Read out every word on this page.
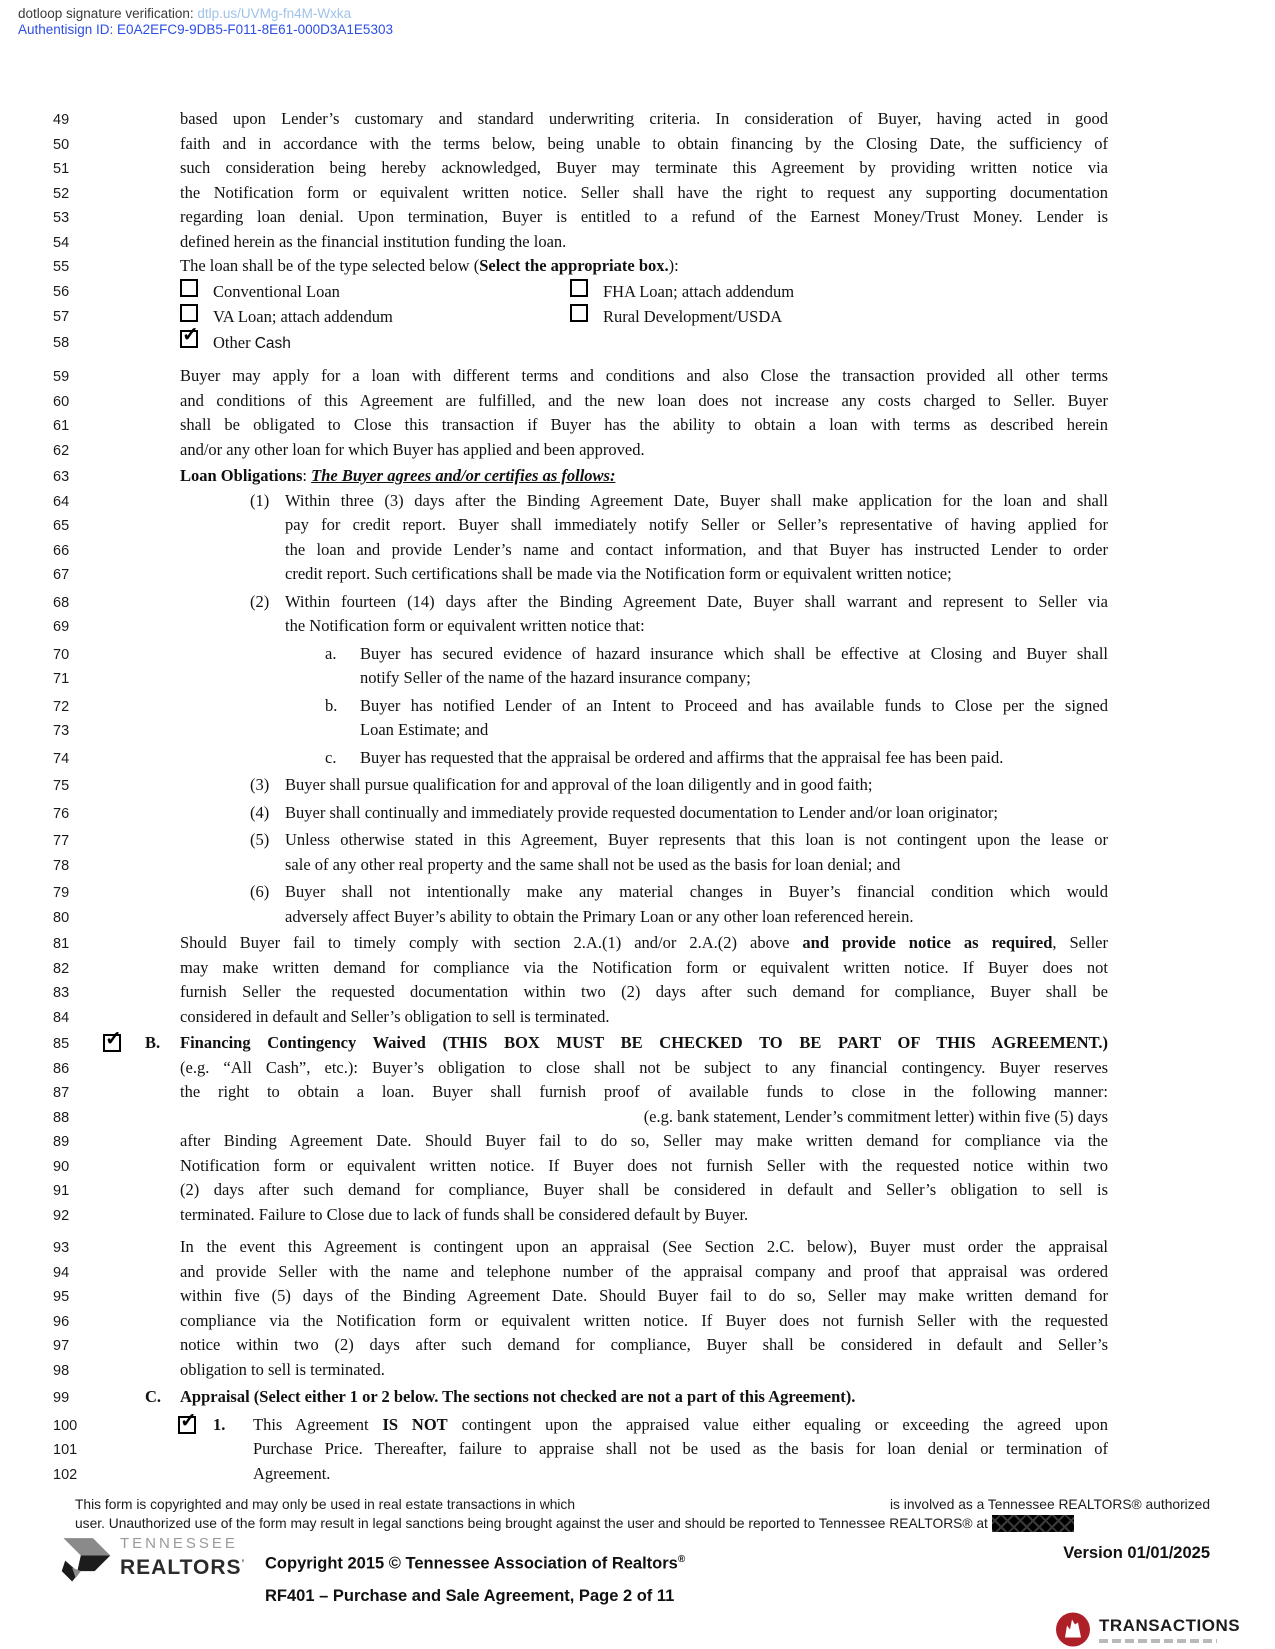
dotloop signature verification: dtlp.us/UVMg-fn4M-Wxka
Authentisign ID: E0A2EFC9-9DB5-F011-8E61-000D3A1E5303
49	based upon Lender’s customary and standard underwriting criteria. In consideration of Buyer, having acted in good
50	faith and in accordance with the terms below, being unable to obtain financing by the Closing Date, the sufficiency of
51	such consideration being hereby acknowledged, Buyer may terminate this Agreement by providing written notice via
52	the Notification form or equivalent written notice. Seller shall have the right to request any supporting documentation
53	regarding loan denial. Upon termination, Buyer is entitled to a refund of the Earnest Money/Trust Money. Lender is
54	defined herein as the financial institution funding the loan.
55	The loan shall be of the type selected below (Select the appropriate box.):
56	Conventional Loan	FHA Loan; attach addendum
57	VA Loan; attach addendum	Rural Development/USDA
58 ✓	Other Cash
59	Buyer may apply for a loan with different terms and conditions and also Close the transaction provided all other terms
60	and conditions of this Agreement are fulfilled, and the new loan does not increase any costs charged to Seller. Buyer
61	shall be obligated to Close this transaction if Buyer has the ability to obtain a loan with terms as described herein
62	and/or any other loan for which Buyer has applied and been approved.
63	Loan Obligations: The Buyer agrees and/or certifies as follows:
64	(1) Within three (3) days after the Binding Agreement Date, Buyer shall make application for the loan and shall
65	pay for credit report. Buyer shall immediately notify Seller or Seller’s representative of having applied for
66	the loan and provide Lender’s name and contact information, and that Buyer has instructed Lender to order
67	credit report. Such certifications shall be made via the Notification form or equivalent written notice;
68	(2) Within fourteen (14) days after the Binding Agreement Date, Buyer shall warrant and represent to Seller via
69	the Notification form or equivalent written notice that:
70	a. Buyer has secured evidence of hazard insurance which shall be effective at Closing and Buyer shall
71	notify Seller of the name of the hazard insurance company;
72	b. Buyer has notified Lender of an Intent to Proceed and has available funds to Close per the signed
73	Loan Estimate; and
74	c. Buyer has requested that the appraisal be ordered and affirms that the appraisal fee has been paid.
75	(3) Buyer shall pursue qualification for and approval of the loan diligently and in good faith;
76	(4) Buyer shall continually and immediately provide requested documentation to Lender and/or loan originator;
77	(5) Unless otherwise stated in this Agreement, Buyer represents that this loan is not contingent upon the lease or
78	sale of any other real property and the same shall not be used as the basis for loan denial; and
79	(6) Buyer shall not intentionally make any material changes in Buyer’s financial condition which would
80	adversely affect Buyer’s ability to obtain the Primary Loan or any other loan referenced herein.
81	Should Buyer fail to timely comply with section 2.A.(1) and/or 2.A.(2) above and provide notice as required, Seller
82	may make written demand for compliance via the Notification form or equivalent written notice. If Buyer does not
83	furnish Seller the requested documentation within two (2) days after such demand for compliance, Buyer shall be
84	considered in default and Seller’s obligation to sell is terminated.
85 ✓	B. Financing Contingency Waived (THIS BOX MUST BE CHECKED TO BE PART OF THIS AGREEMENT.)
86	(e.g. “All Cash”, etc.): Buyer’s obligation to close shall not be subject to any financial contingency. Buyer reserves
87	the right to obtain a loan. Buyer shall furnish proof of available funds to close in the following manner:
88	(e.g. bank statement, Lender’s commitment letter) within five (5) days
89	after Binding Agreement Date. Should Buyer fail to do so, Seller may make written demand for compliance via the
90	Notification form or equivalent written notice. If Buyer does not furnish Seller with the requested notice within two
91	(2) days after such demand for compliance, Buyer shall be considered in default and Seller’s obligation to sell is
92	terminated. Failure to Close due to lack of funds shall be considered default by Buyer.
93	In the event this Agreement is contingent upon an appraisal (See Section 2.C. below), Buyer must order the appraisal
94	and provide Seller with the name and telephone number of the appraisal company and proof that appraisal was ordered
95	within five (5) days of the Binding Agreement Date. Should Buyer fail to do so, Seller may make written demand for
96	compliance via the Notification form or equivalent written notice. If Buyer does not furnish Seller with the requested
97	notice within two (2) days after such demand for compliance, Buyer shall be considered in default and Seller’s
98	obligation to sell is terminated.
99	C. Appraisal (Select either 1 or 2 below. The sections not checked are not a part of this Agreement).
100 ✓	1. This Agreement IS NOT contingent upon the appraised value either equaling or exceeding the agreed upon
101	Purchase Price. Thereafter, failure to appraise shall not be used as the basis for loan denial or termination of
102	Agreement.
This form is copyrighted and may only be used in real estate transactions in which	is involved as a Tennessee REALTORS® authorized
user. Unauthorized use of the form may result in legal sanctions being brought against the user and should be reported to Tennessee REALTORS® at
TENNESSEE
REALTORS’ Copyright 2015 © Tennessee Association of Realtors®
RF401 – Purchase and Sale Agreement, Page 2 of 11
Version 01/01/2025
TRANSACTIONS
